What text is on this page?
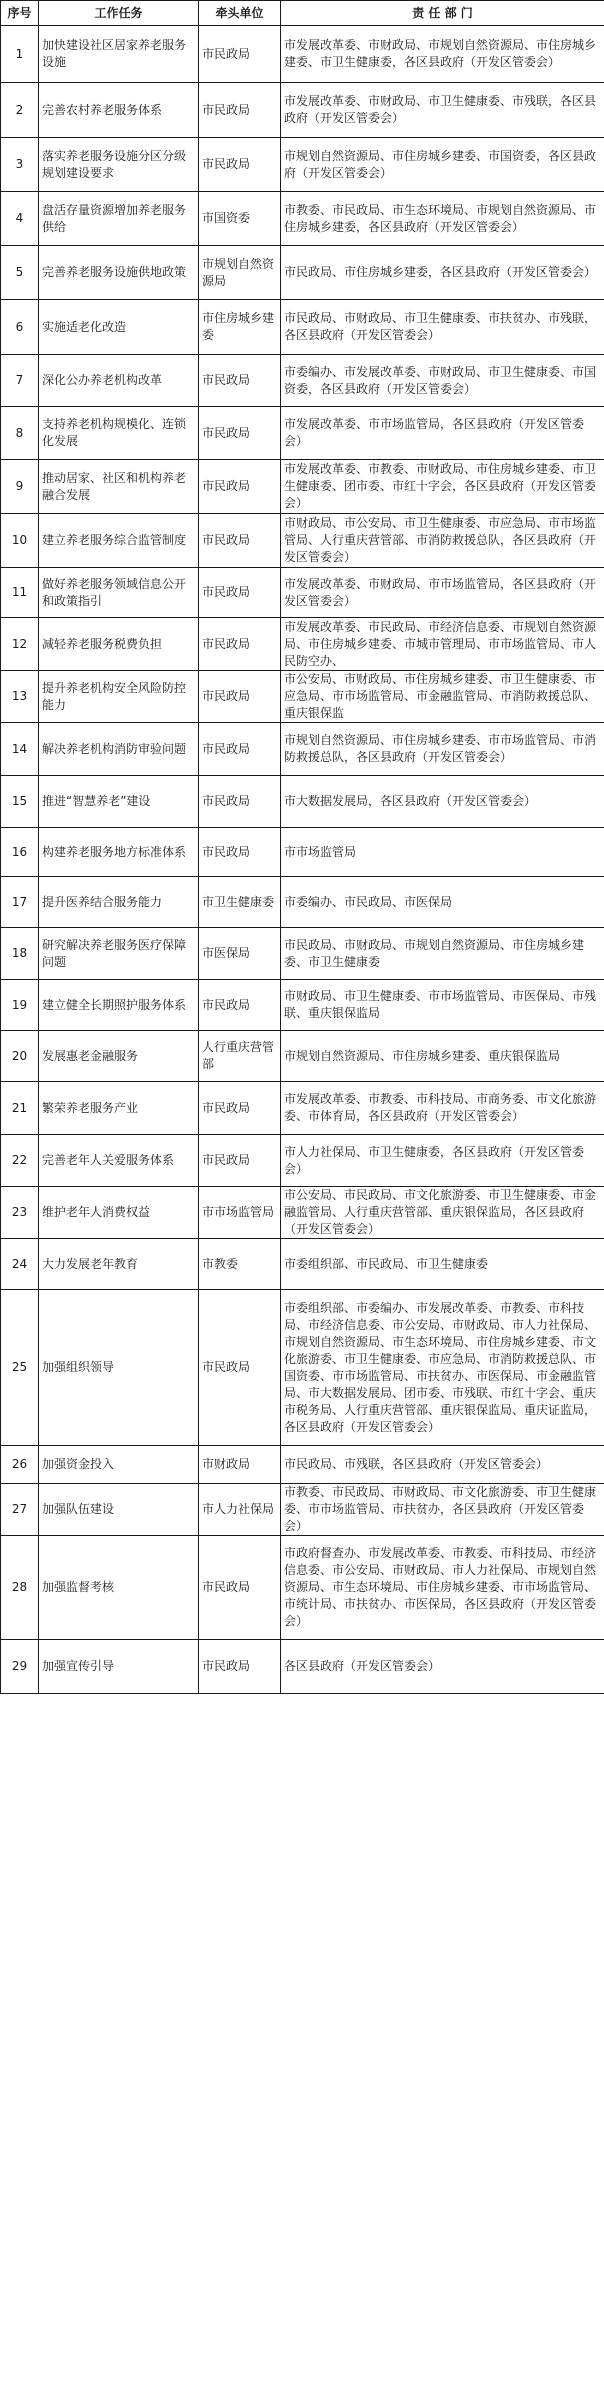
序号	工作任务	牵头单位	责 任 部 门
1	加快建设社区居家养老服务设施	市民政局	市发展改革委、市财政局、市规划自然资源局、市住房城乡建委、市卫生健康委，各区县政府（开发区管委会）
2	完善农村养老服务体系	市民政局	市发展改革委、市财政局、市卫生健康委、市残联，各区县政府（开发区管委会）
3	落实养老服务设施分区分级规划建设要求	市民政局	市规划自然资源局、市住房城乡建委、市国资委，各区县政府（开发区管委会）
4	盘活存量资源增加养老服务供给	市国资委	市教委、市民政局、市生态环境局、市规划自然资源局、市住房城乡建委，各区县政府（开发区管委会）
5	完善养老服务设施供地政策	市规划自然资源局	市民政局、市住房城乡建委，各区县政府（开发区管委会）
6	实施适老化改造	市住房城乡建委	市民政局、市财政局、市卫生健康委、市扶贫办、市残联，各区县政府（开发区管委会）
7	深化公办养老机构改革	市民政局	市委编办、市发展改革委、市财政局、市卫生健康委、市国资委，各区县政府（开发区管委会）
8	支持养老机构规模化、连锁化发展	市民政局	市发展改革委、市市场监管局，各区县政府（开发区管委会）
9	推动居家、社区和机构养老融合发展	市民政局	市发展改革委、市教委、市财政局、市住房城乡建委、市卫生健康委、团市委、市红十字会，各区县政府（开发区管委会）
10	建立养老服务综合监管制度	市民政局	市财政局、市公安局、市卫生健康委、市应急局、市市场监管局、人行重庆营管部、市消防救援总队，各区县政府（开发区管委会）
11	做好养老服务领域信息公开和政策指引	市民政局	市发展改革委、市财政局、市市场监管局，各区县政府（开发区管委会）
12	减轻养老服务税费负担	市民政局	市发展改革委、市民政局、市经济信息委、市规划自然资源局、市住房城乡建委、市城市管理局、市市场监管局、市人民防空办、
13	提升养老机构安全风险防控能力	市民政局	市公安局、市财政局、市住房城乡建委、市卫生健康委、市应急局、市市场监管局、市金融监管局、市消防救援总队、重庆银保监
14	解决养老机构消防审验问题	市民政局	市规划自然资源局、市住房城乡建委、市市场监管局、市消防救援总队，各区县政府（开发区管委会）
15	推进“智慧养老”建设	市民政局	市大数据发展局，各区县政府（开发区管委会）
16	构建养老服务地方标准体系	市民政局	市市场监管局
17	提升医养结合服务能力	市卫生健康委	市委编办、市民政局、市医保局
18	研究解决养老服务医疗保障问题	市医保局	市民政局、市财政局、市规划自然资源局、市住房城乡建委、市卫生健康委
19	建立健全长期照护服务体系	市民政局	市财政局、市卫生健康委、市市场监管局、市医保局、市残联、重庆银保监局
20	发展惠老金融服务	人行重庆营管部	市规划自然资源局、市住房城乡建委、重庆银保监局
21	繁荣养老服务产业	市民政局	市发展改革委、市教委、市科技局、市商务委、市文化旅游委、市体育局，各区县政府（开发区管委会）
22	完善老年人关爱服务体系	市民政局	市人力社保局、市卫生健康委，各区县政府（开发区管委会）
23	维护老年人消费权益	市市场监管局	市公安局、市民政局、市文化旅游委、市卫生健康委、市金融监管局、人行重庆营管部、重庆银保监局，各区县政府（开发区管委会）
24	大力发展老年教育	市教委	市委组织部、市民政局、市卫生健康委
25	加强组织领导	市民政局	市委组织部、市委编办、市发展改革委、市教委、市科技局、市经济信息委、市公安局、市财政局、市人力社保局、市规划自然资源局、市生态环境局、市住房城乡建委、市文化旅游委、市卫生健康委、市应急局、市消防救援总队、市国资委、市市场监管局、市扶贫办、市医保局、市金融监管局、市大数据发展局、团市委、市残联、市红十字会、重庆市税务局、人行重庆营管部、重庆银保监局、重庆证监局，各区县政府（开发区管委会）
26	加强资金投入	市财政局	市民政局、市残联，各区县政府（开发区管委会）
27	加强队伍建设	市人力社保局	市教委、市民政局、市财政局、市文化旅游委、市卫生健康委、市市场监管局、市扶贫办，各区县政府（开发区管委会）
28	加强监督考核	市民政局	市政府督查办、市发展改革委、市教委、市科技局、市经济信息委、市公安局、市财政局、市人力社保局、市规划自然资源局、市生态环境局、市住房城乡建委、市市场监管局、市统计局、市扶贫办、市医保局，各区县政府（开发区管委会）
29	加强宣传引导	市民政局	各区县政府（开发区管委会）
